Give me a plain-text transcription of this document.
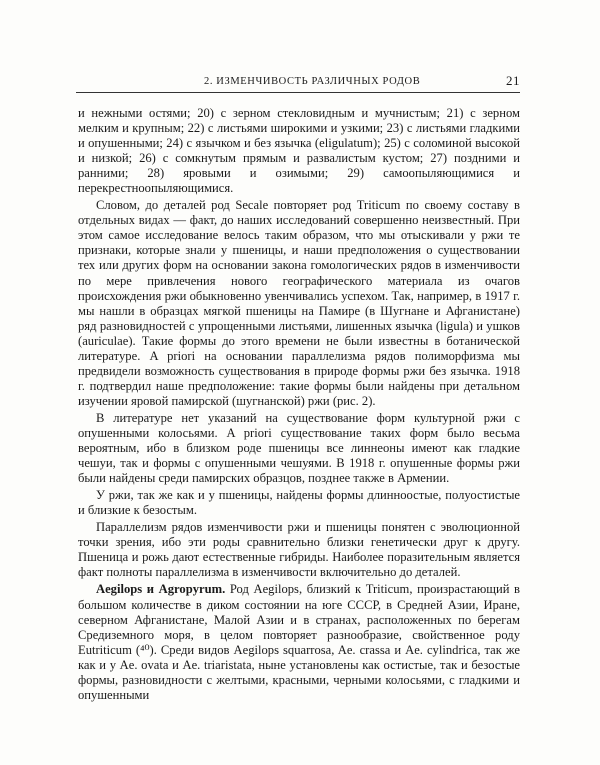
2. ИЗМЕНЧИВОСТЬ РАЗЛИЧНЫХ РОДОВ	21

и нежными остями; 20) с зерном стекловидным и мучнистым; 21) с зерном мелким и крупным; 22) с листьями широкими и узкими; 23) с листьями гладкими и опушенными; 24) с язычком и без язычка (eligulatum); 25) с соломиной высокой и низкой; 26) с сомкнутым прямым и развалистым кустом; 27) поздними и ранними; 28) яровыми и озимыми; 29) самоопыляющимися и перекрестноопыляющимися.

Словом, до деталей род Secale повторяет род Triticum по своему составу в отдельных видах — факт, до наших исследований совершенно неизвестный. При этом самое исследование велось таким образом, что мы отыскивали у ржи те признаки, которые знали у пшеницы, и наши предположения о существовании тех или других форм на основании закона гомологических рядов в изменчивости по мере привлечения нового географического материала из очагов происхождения ржи обыкновенно увенчивались успехом. Так, например, в 1917 г. мы нашли в образцах мягкой пшеницы на Памире (в Шугнане и Афганистане) ряд разновидностей с упрощенными листьями, лишенных язычка (ligula) и ушков (auriculae). Такие формы до этого времени не были известны в ботанической литературе. A priori на основании параллелизма рядов полиморфизма мы предвидели возможность существования в природе формы ржи без язычка. 1918 г. подтвердил наше предположение: такие формы были найдены при детальном изучении яровой памирской (шугнанской) ржи (рис. 2).

В литературе нет указаний на существование форм культурной ржи с опушенными колосьями. A priori существование таких форм было весьма вероятным, ибо в близком роде пшеницы все линнеоны имеют как гладкие чешуи, так и формы с опушенными чешуями. В 1918 г. опушенные формы ржи были найдены среди памирских образцов, позднее также в Армении.

У ржи, так же как и у пшеницы, найдены формы длинноостые, полуостистые и близкие к безостым.

Параллелизм рядов изменчивости ржи и пшеницы понятен с эволюционной точки зрения, ибо эти роды сравнительно близки генетически друг к другу. Пшеница и рожь дают естественные гибриды. Наиболее поразительным является факт полноты параллелизма в изменчивости включительно до деталей.

Aegilops и Agropyrum. Род Aegilops, близкий к Triticum, произрастающий в большом количестве в диком состоянии на юге СССР, в Средней Азии, Иране, северном Афганистане, Малой Азии и в странах, расположенных по берегам Средиземного моря, в целом повторяет разнообразие, свойственное роду Eutriticum (⁴⁰). Среди видов Aegilops squarrosa, Ae. crassa и Ae. cylindrica, так же как и у Ae. ovata и Ae. triaristata, ныне установлены как остистые, так и безостые формы, разновидности с желтыми, красными, черными колосьями, с гладкими и опушенными
